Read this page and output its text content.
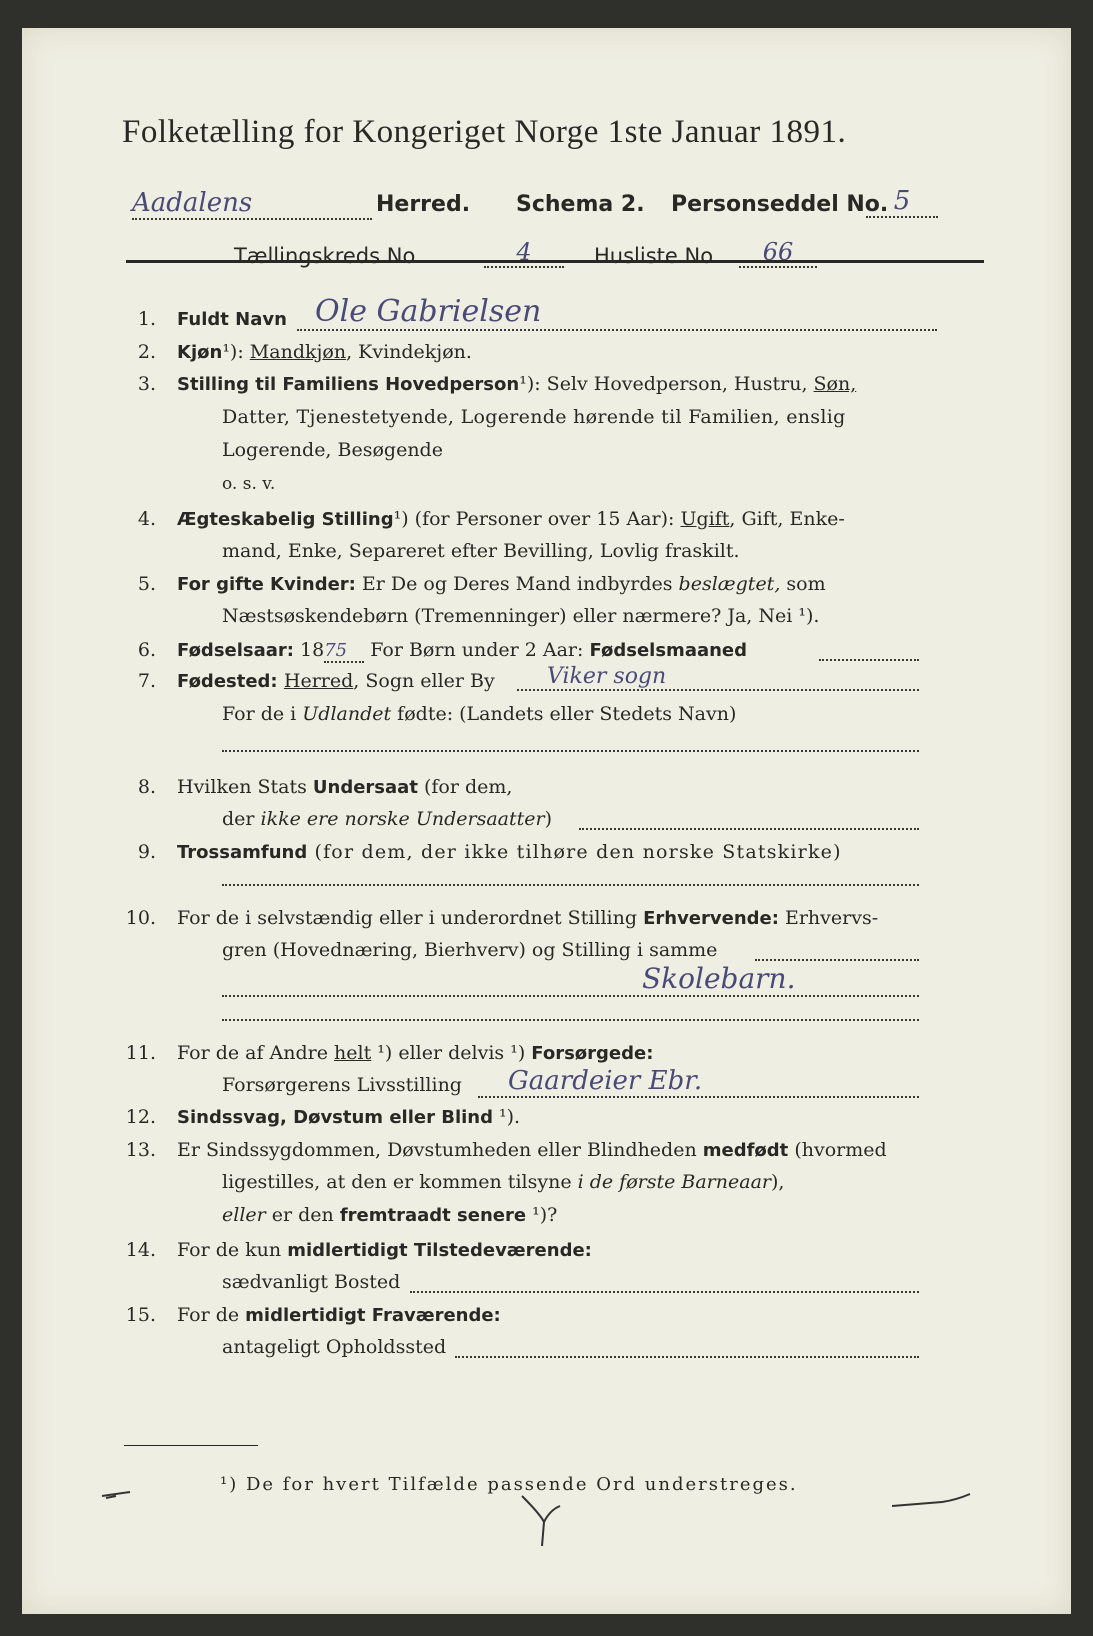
Folketælling for Kongeriget Norge 1ste Januar 1891.
Aadalens	Herred. Schema 2. Personseddel No. 5
Tællingskreds No.	4	Husliste No.	66
1. Fuldt Navn Ole Gabrielsen
2. Kjøn¹): Mandkjøn, Kvindekjøn.
3. Stilling til Familiens Hovedperson¹): Selv Hovedperson, Hustru, Søn,
Datter, Tjenestetyende, Logerende hørende til Familien, enslig
Logerende, Besøgende
o. s. v.
4. Ægteskabelig Stilling¹) (for Personer over 15 Aar): Ugift, Gift, Enke-
mand, Enke, Separeret efter Bevilling, Lovlig fraskilt.
5. For gifte Kvinder: Er De og Deres Mand indbyrdes beslægtet, som
Næstsøskendebørn (Tremenninger) eller nærmere? Ja, Nei ¹).
6. Fødselsaar: 1875 For Børn under 2 Aar: Fødselsmaaned
7. Fødested: Herred, Sogn eller By	Viker sogn
For de i Udlandet fødte: (Landets eller Stedets Navn)
8. Hvilken Stats Undersaat (for dem,
der ikke ere norske Undersaatter)
9. Trossamfund (for dem, der ikke tilhøre den norske Statskirke)
10. For de i selvstændig eller i underordnet Stilling Erhvervende: Erhvervs-
gren (Hovednæring, Bierhverv) og Stilling i samme
Skolebarn.
11. For de af Andre helt ¹) eller delvis ¹) Forsørgede:
Forsørgerens Livsstilling	Gaardeier Ebr.
12. Sindssvag, Døvstum eller Blind ¹).
13. Er Sindssygdommen, Døvstumheden eller Blindheden medfødt (hvormed
ligestilles, at den er kommen tilsyne i de første Barneaar),
eller er den fremtraadt senere ¹)?
14. For de kun midlertidigt Tilstedeværende:
sædvanligt Bosted
15. For de midlertidigt Fraværende:
antageligt Opholdssted
¹) De for hvert Tilfælde passende Ord understreges.
